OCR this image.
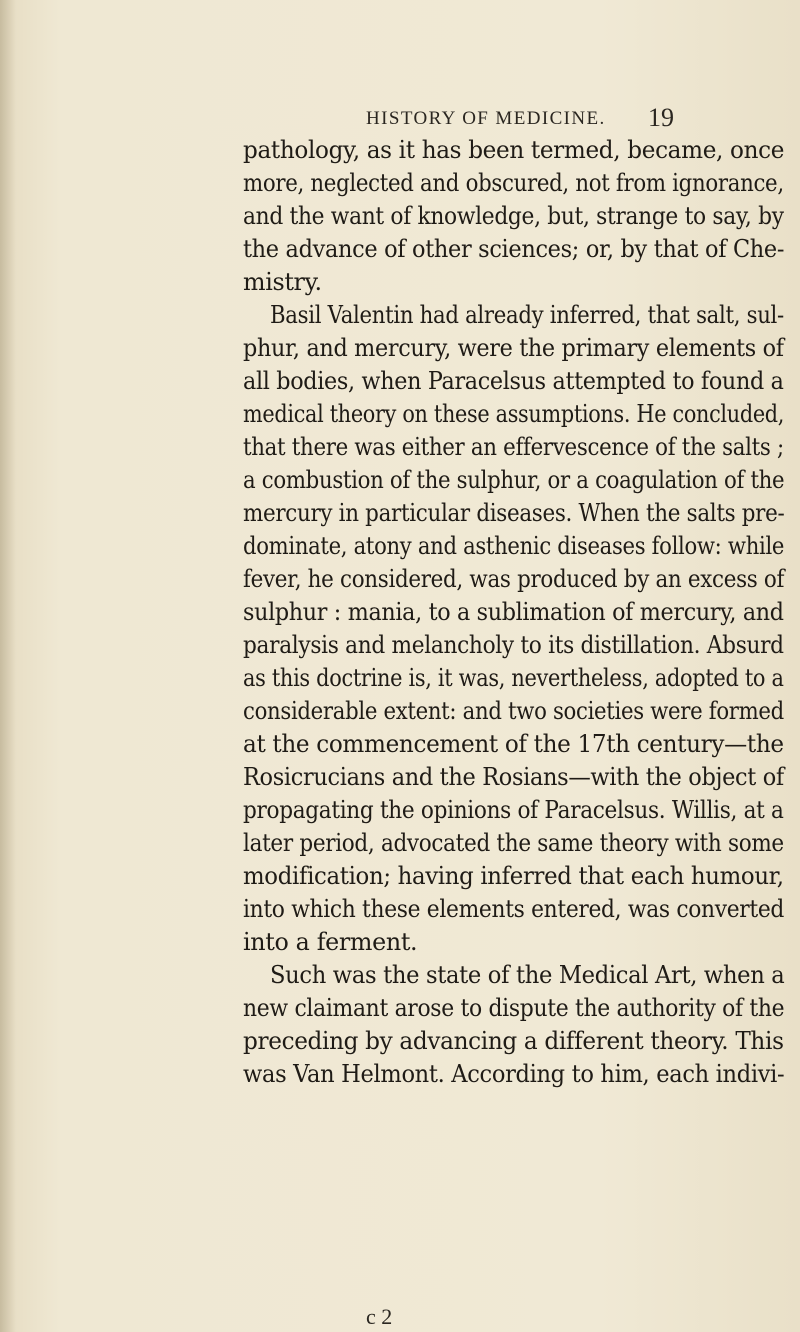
HISTORY OF MEDICINE. 19
pathology, as it has been termed, became, once
more, neglected and obscured, not from ignorance,
and the want of knowledge, but, strange to say, by
the advance of other sciences; or, by that of Che-
mistry.
Basil Valentin had already inferred, that salt, sul-
phur, and mercury, were the primary elements of
all bodies, when Paracelsus attempted to found a
medical theory on these assumptions. He concluded,
that there was either an effervescence of the salts ;
a combustion of the sulphur, or a coagulation of the
mercury in particular diseases. When the salts pre-
dominate, atony and asthenic diseases follow: while
fever, he considered, was produced by an excess of
sulphur : mania, to a sublimation of mercury, and
paralysis and melancholy to its distillation. Absurd
as this doctrine is, it was, nevertheless, adopted to a
considerable extent: and two societies were formed
at the commencement of the 17th century—the
Rosicrucians and the Rosians—with the object of
propagating the opinions of Paracelsus. Willis, at a
later period, advocated the same theory with some
modification; having inferred that each humour,
into which these elements entered, was converted
into a ferment.
Such was the state of the Medical Art, when a
new claimant arose to dispute the authority of the
preceding by advancing a different theory. This
was Van Helmont. According to him, each indivi-
c 2
